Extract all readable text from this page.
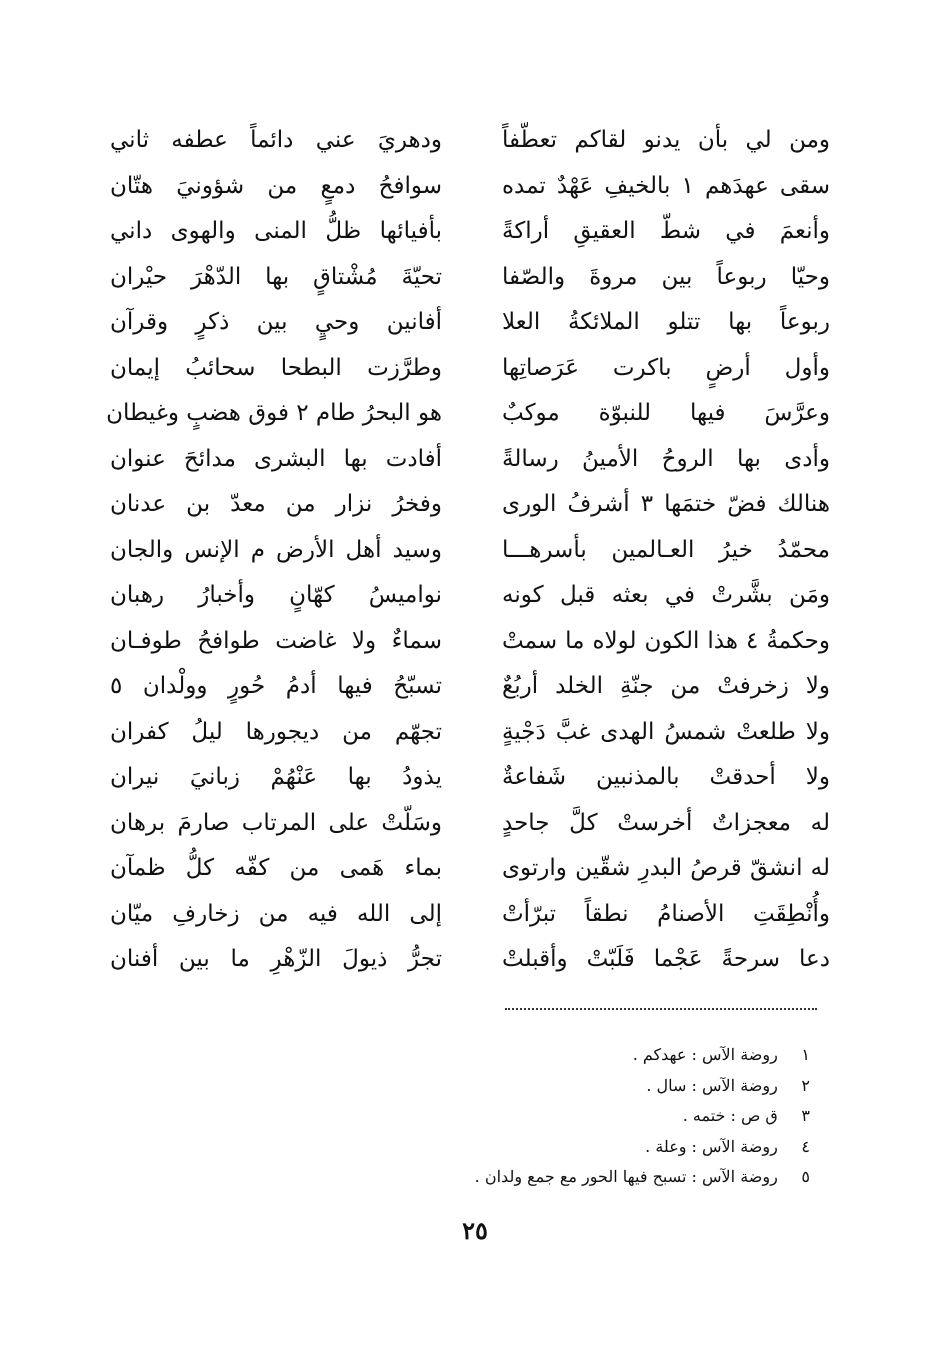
ومن لي بأن يدنو لقاكم تعطّفاً
ودهريَ عني دائماً عطفه ثاني
سقى عهدَهم ١ بالخيفِ عَهْدٌ تمده
سوافحُ دمعٍ من شؤونيَ هتّان
وأنعمَ في شطّ العقيقِ أراكةً
بأفيائها ظلُّ المنى والهوى داني
وحيّا ربوعاً بين مروةَ والصّفا
تحيّةَ مُشْتاقٍ بها الدّهْرَ حيْران
ربوعاً بها تتلو الملائكةُ العلا
أفانين وحيٍ بين ذكرٍ وقرآن
وأول أرضٍ باكرت عَرَصاتِها
وطرَّزت البطحا سحائبُ إيمان
وعرَّسَ فيها للنبوّة موكبٌ
هو البحرُ طام ٢ فوق هضبٍ وغيطان
وأدى بها الروحُ الأمينُ رسالةً
أفادت بها البشرى مدائحَ عنوان
هنالك فضّ ختمَها ٣ أشرفُ الورى
وفخرُ نزار من معدّ بن عدنان
محمّدُ خيرُ العـالمين بأسرهـــا
وسيد أهل الأرض م الإنس والجان
ومَن بشَّرتْ في بعثه قبل كونه
نواميسُ كهّانٍ وأخبارُ رهبان
وحكمةُ ٤ هذا الكون لولاه ما سمتْ
سماءٌ ولا غاضت طوافحُ طوفـان
ولا زخرفتْ من جنّةِ الخلد أربُعٌ
تسبّحُ فيها أدمُ حُورٍ وولْدان ٥
ولا طلعتْ شمسُ الهدى غبَّ دَجْيةٍ
تجهّم من ديجورها ليلُ كفران
ولا أحدقتْ بالمذنبين شَفاعةٌ
يذودُ بها عَنْهُمْ زبانيَ نيران
له معجزاتٌ أخرستْ كلَّ جاحدٍ
وسَلّتْ على المرتاب صارمَ برهان
له انشقّ قرصُ البدرِ شقّين وارتوى
بماء هَمى من كفّه كلُّ ظمآن
وأُنْطِقَتِ الأصنامُ نطقاً تبرّأتْ
إلى الله فيه من زخارفِ ميّان
دعا سرحةً عَجْما فَلَبّتْ وأقبلتْ
تجرُّ ذيولَ الزّهْرِ ما بين أفنان
١  روضة الآس : عهدكم .
٢  روضة الآس : سال .
٣  ق ص : ختمه .
٤  روضة الآس : وعلة .
٥  روضة الآس : تسبح فيها الحور مع جمع ولدان .
٢٥
